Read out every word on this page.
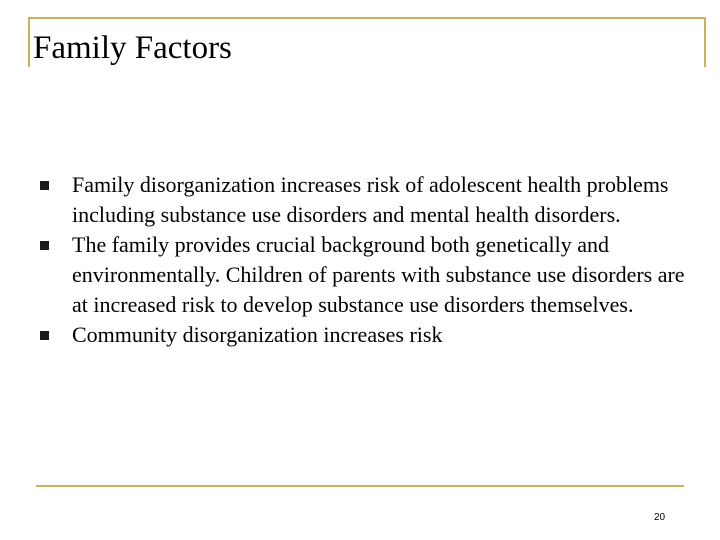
Family Factors
Family disorganization increases risk of adolescent health problems including substance use disorders and mental health disorders.
The family provides crucial background both genetically and environmentally. Children of parents with substance use disorders are at increased risk to develop substance use disorders themselves.
Community disorganization increases risk
20
